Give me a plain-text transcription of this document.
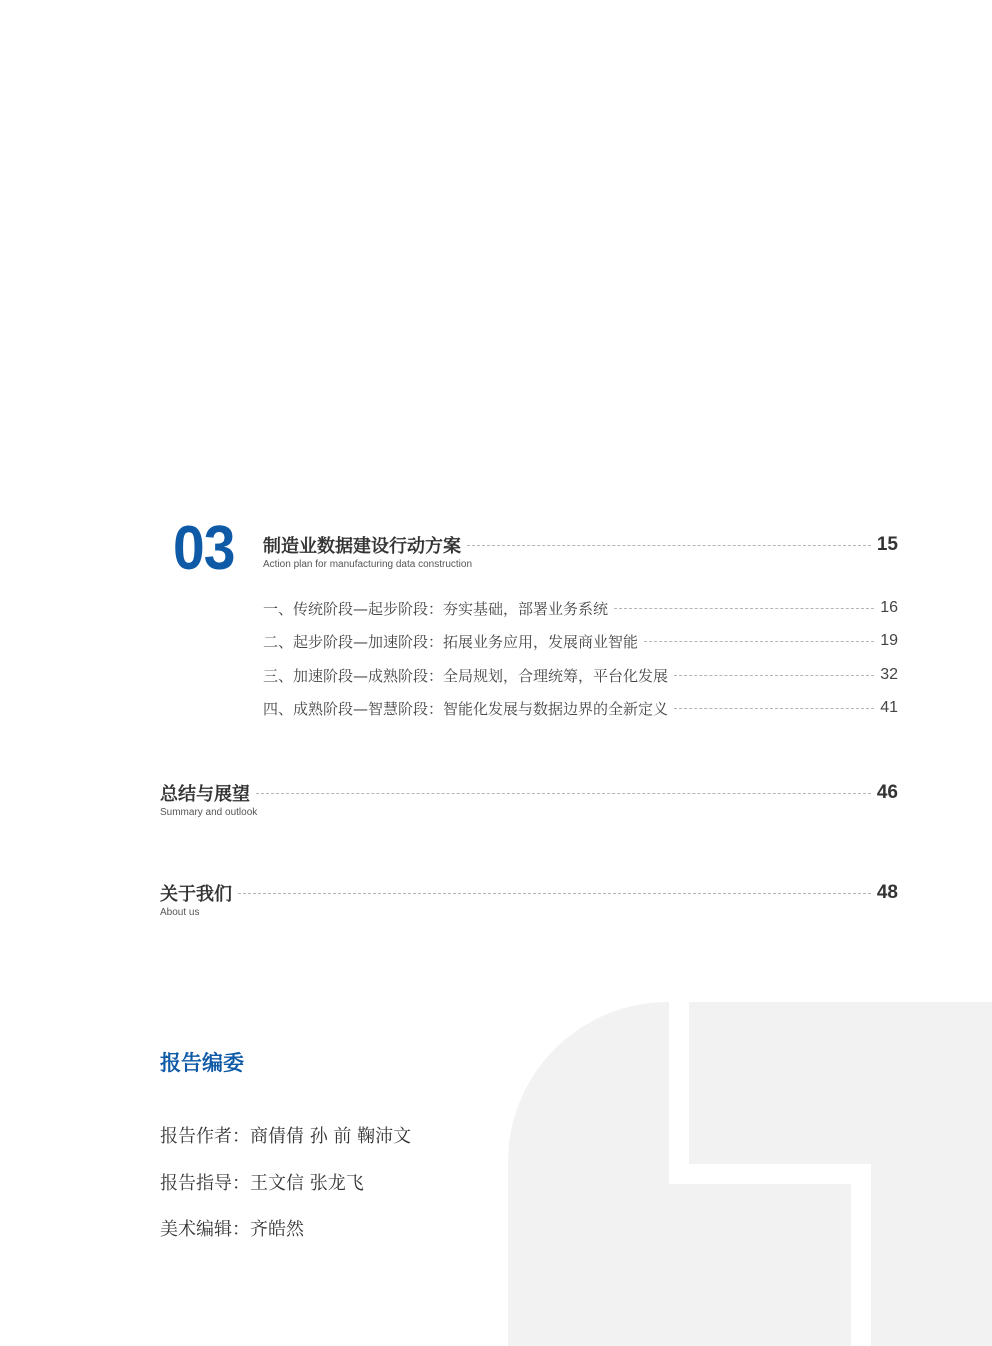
03 制造业数据建设行动方案	15
Action plan for manufacturing data construction
一、传统阶段—起步阶段：夯实基础，部署业务系统	16
二、起步阶段—加速阶段：拓展业务应用，发展商业智能	19
三、加速阶段—成熟阶段：全局规划，合理统筹，平台化发展	32
四、成熟阶段—智慧阶段：智能化发展与数据边界的全新定义	41
总结与展望	46
Summary and outlook
关于我们	48
About us
报告编委
报告作者：商倩倩 孙 前 鞠沛文
报告指导：王文信 张龙飞
美术编辑：齐皓然
